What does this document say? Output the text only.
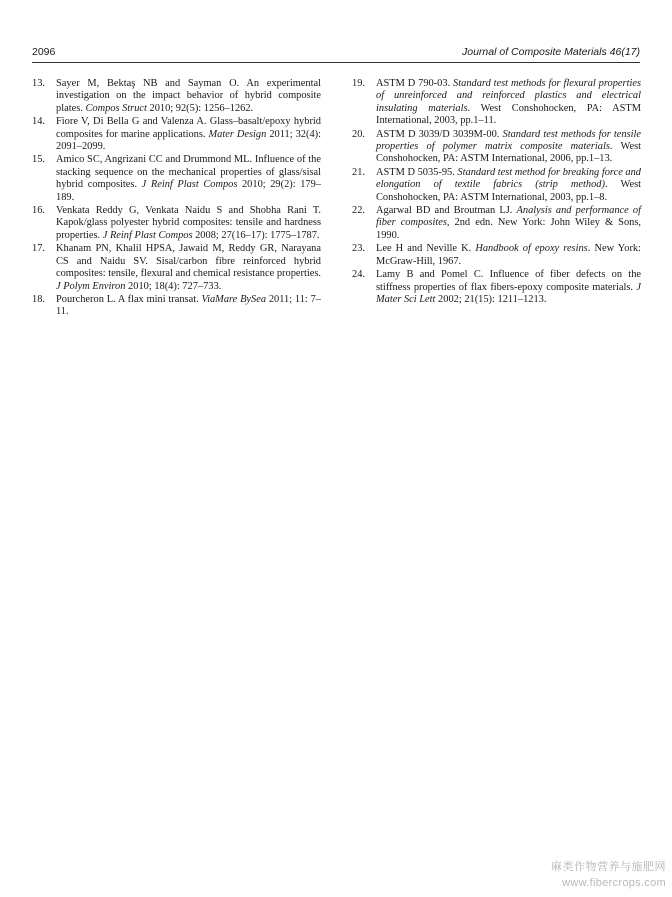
2096	Journal of Composite Materials 46(17)
13.	Sayer M, Bektaş NB and Sayman O. An experimental investigation on the impact behavior of hybrid composite plates. Compos Struct 2010; 92(5): 1256–1262.
14.	Fiore V, Di Bella G and Valenza A. Glass–basalt/epoxy hybrid composites for marine applications. Mater Design 2011; 32(4): 2091–2099.
15.	Amico SC, Angrizani CC and Drummond ML. Influence of the stacking sequence on the mechanical properties of glass/sisal hybrid composites. J Reinf Plast Compos 2010; 29(2): 179–189.
16.	Venkata Reddy G, Venkata Naidu S and Shobha Rani T. Kapok/glass polyester hybrid composites: tensile and hardness properties. J Reinf Plast Compos 2008; 27(16–17): 1775–1787.
17.	Khanam PN, Khalil HPSA, Jawaid M, Reddy GR, Narayana CS and Naidu SV. Sisal/carbon fibre reinforced hybrid composites: tensile, flexural and chemical resistance properties. J Polym Environ 2010; 18(4): 727–733.
18.	Pourcheron L. A flax mini transat. ViaMare BySea 2011; 11: 7–11.
19.	ASTM D 790-03. Standard test methods for flexural properties of unreinforced and reinforced plastics and electrical insulating materials. West Conshohocken, PA: ASTM International, 2003, pp.1–11.
20.	ASTM D 3039/D 3039M-00. Standard test methods for tensile properties of polymer matrix composite materials. West Conshohocken, PA: ASTM International, 2006, pp.1–13.
21.	ASTM D 5035-95. Standard test method for breaking force and elongation of textile fabrics (strip method). West Conshohocken, PA: ASTM International, 2003, pp.1–8.
22.	Agarwal BD and Broutman LJ. Analysis and performance of fiber composites, 2nd edn. New York: John Wiley & Sons, 1990.
23.	Lee H and Neville K. Handbook of epoxy resins. New York: McGraw-Hill, 1967.
24.	Lamy B and Pomel C. Influence of fiber defects on the stiffness properties of flax fibers-epoxy composite materials. J Mater Sci Lett 2002; 21(15): 1211–1213.
麻类作物营养与施肥网
www.fibercrops.com
